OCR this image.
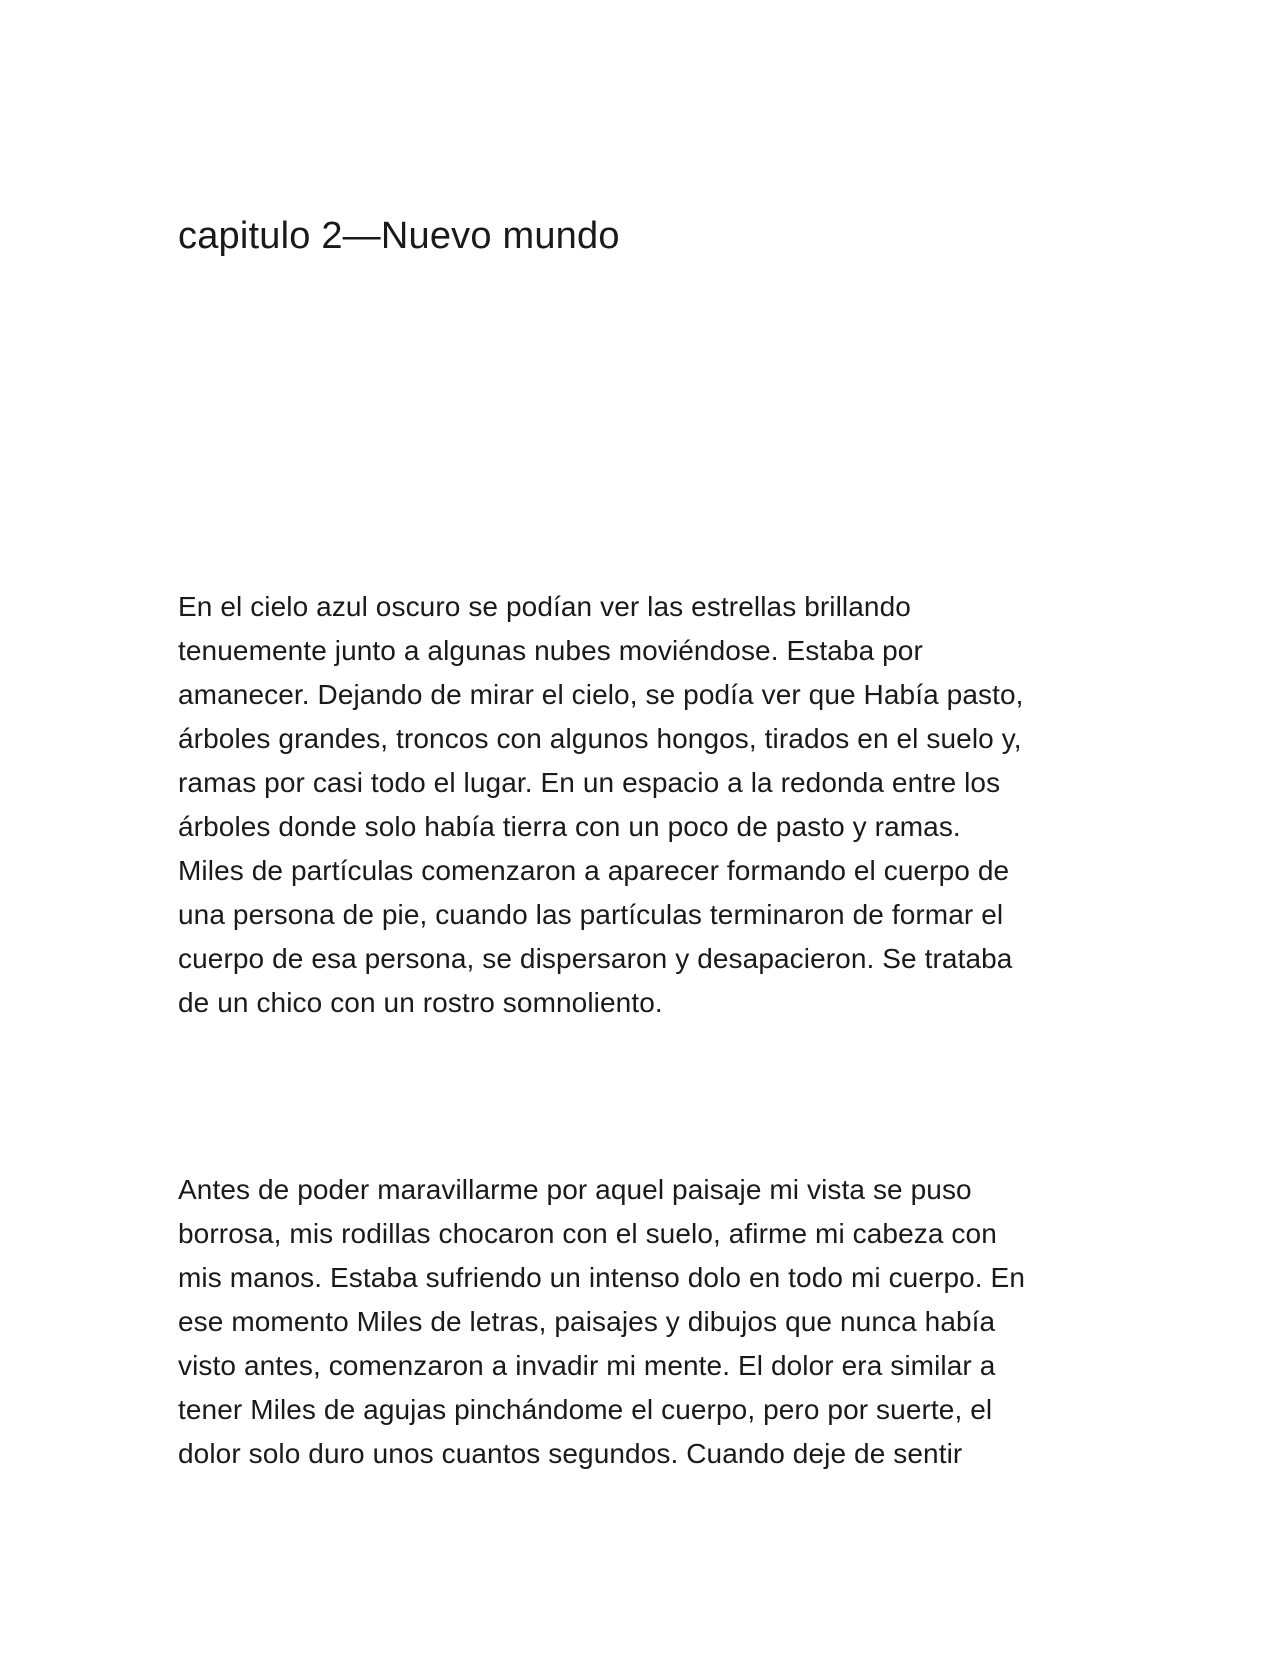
capitulo 2—Nuevo mundo
En el cielo azul oscuro se podían ver las estrellas brillando
tenuemente junto a algunas nubes moviéndose. Estaba por
amanecer. Dejando de mirar el cielo, se podía ver que Había pasto,
árboles grandes, troncos con algunos hongos, tirados en el suelo y,
ramas por casi todo el lugar. En un espacio a la redonda entre los
árboles donde solo había tierra con un poco de pasto y ramas.
Miles de partículas comenzaron a aparecer formando el cuerpo de
una persona de pie, cuando las partículas terminaron de formar el
cuerpo de esa persona, se dispersaron y desapacieron. Se trataba
de un chico con un rostro somnoliento.
Antes de poder maravillarme por aquel paisaje mi vista se puso
borrosa, mis rodillas chocaron con el suelo, afirme mi cabeza con
mis manos. Estaba sufriendo un intenso dolo en todo mi cuerpo. En
ese momento Miles de letras, paisajes y dibujos que nunca había
visto antes, comenzaron a invadir mi mente. El dolor era similar a
tener Miles de agujas pinchándome el cuerpo, pero por suerte, el
dolor solo duro unos cuantos segundos. Cuando deje de sentir
